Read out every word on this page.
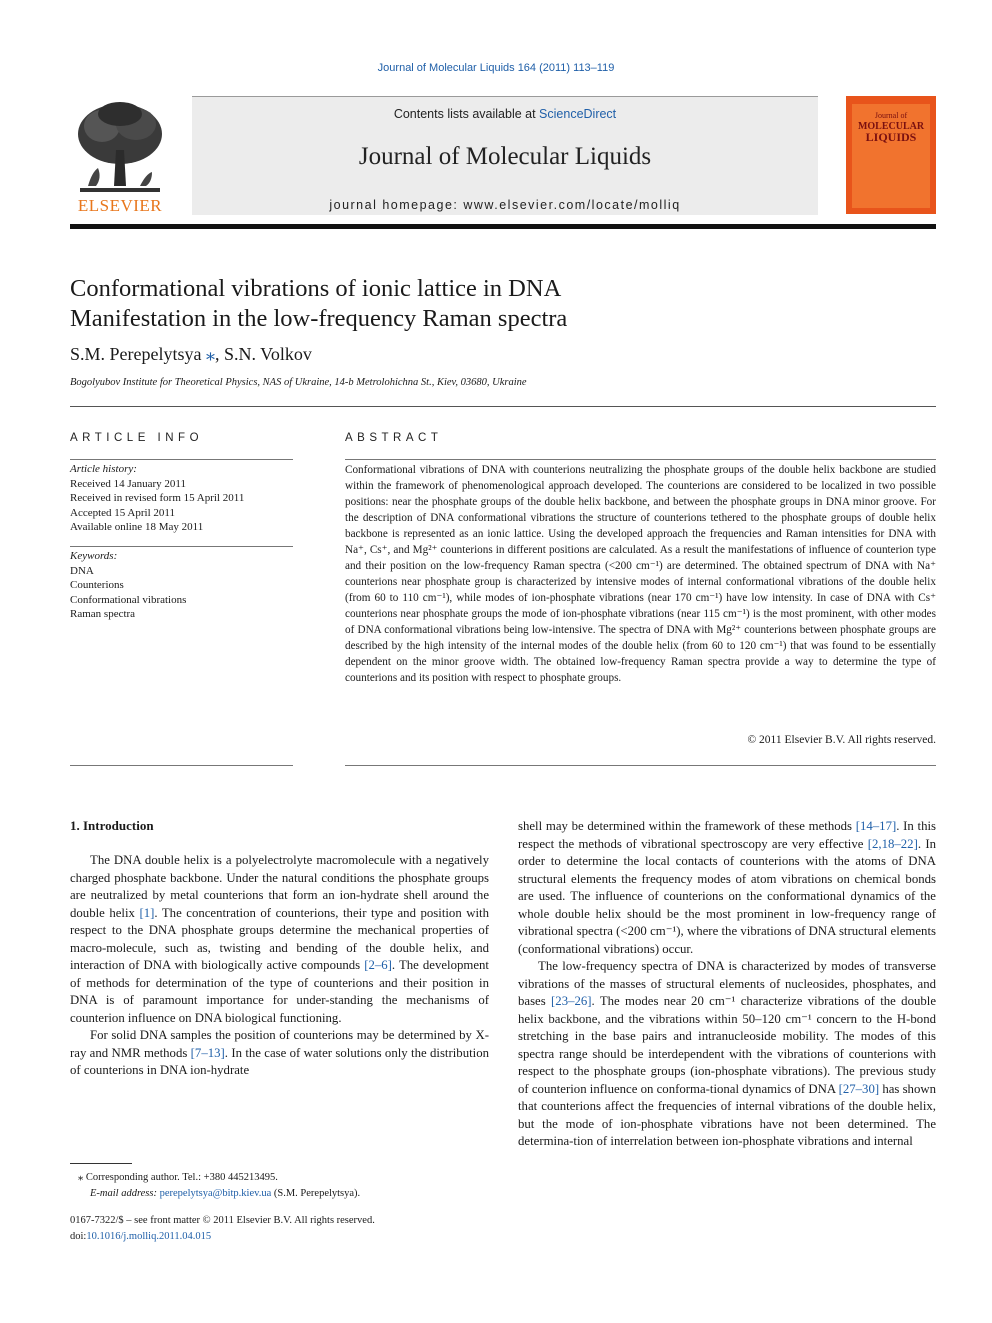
Journal of Molecular Liquids 164 (2011) 113–119
ELSEVIER
Contents lists available at ScienceDirect
Journal of Molecular Liquids
journal homepage: www.elsevier.com/locate/molliq
Journal of
MOLECULAR
LIQUIDS
Conformational vibrations of ionic lattice in DNA
Manifestation in the low-frequency Raman spectra
S.M. Perepelytsya ⁎, S.N. Volkov
Bogolyubov Institute for Theoretical Physics, NAS of Ukraine, 14-b Metrolohichna St., Kiev, 03680, Ukraine
ARTICLE INFO	ABSTRACT
Article history:
Received 14 January 2011
Received in revised form 15 April 2011
Accepted 15 April 2011
Available online 18 May 2011
Keywords:
DNA
Counterions
Conformational vibrations
Raman spectra
Conformational vibrations of DNA with counterions neutralizing the phosphate groups of the double helix backbone are studied within the framework of phenomenological approach developed. The counterions are considered to be localized in two possible positions: near the phosphate groups of the double helix backbone, and between the phosphate groups in DNA minor groove. For the description of DNA conformational vibrations the structure of counterions tethered to the phosphate groups of double helix backbone is represented as an ionic lattice. Using the developed approach the frequencies and Raman intensities for DNA with Na⁺, Cs⁺, and Mg²⁺ counterions in different positions are calculated. As a result the manifestations of influence of counterion type and their position on the low-frequency Raman spectra (<200 cm⁻¹) are determined. The obtained spectrum of DNA with Na⁺ counterions near phosphate group is characterized by intensive modes of internal conformational vibrations of the double helix (from 60 to 110 cm⁻¹), while modes of ion-phosphate vibrations (near 170 cm⁻¹) have low intensity. In case of DNA with Cs⁺ counterions near phosphate groups the mode of ion-phosphate vibrations (near 115 cm⁻¹) is the most prominent, with other modes of DNA conformational vibrations being low-intensive. The spectra of DNA with Mg²⁺ counterions between phosphate groups are described by the high intensity of the internal modes of the double helix (from 60 to 120 cm⁻¹) that was found to be essentially dependent on the minor groove width. The obtained low-frequency Raman spectra provide a way to determine the type of counterions and its position with respect to phosphate groups.
© 2011 Elsevier B.V. All rights reserved.
1. Introduction

The DNA double helix is a polyelectrolyte macromolecule with a negatively charged phosphate backbone. Under the natural conditions the phosphate groups are neutralized by metal counterions that form an ion-hydrate shell around the double helix [1]. The concentration of counterions, their type and position with respect to the DNA phosphate groups determine the mechanical properties of macro-molecule, such as, twisting and bending of the double helix, and interaction of DNA with biologically active compounds [2–6]. The development of methods for determination of the type of counterions and their position in DNA is of paramount importance for under-standing the mechanisms of counterion influence on DNA biological functioning.

For solid DNA samples the position of counterions may be determined by X-ray and NMR methods [7–13]. In the case of water solutions only the distribution of counterions in DNA ion-hydrate

shell may be determined within the framework of these methods [14–17]. In this respect the methods of vibrational spectroscopy are very effective [2,18–22]. In order to determine the local contacts of counterions with the atoms of DNA structural elements the frequency modes of atom vibrations on chemical bonds are used. The influence of counterions on the conformational dynamics of the whole double helix should be the most prominent in low-frequency range of vibrational spectra (<200 cm⁻¹), where the vibrations of DNA structural elements (conformational vibrations) occur.

The low-frequency spectra of DNA is characterized by modes of transverse vibrations of the masses of structural elements of nucleosides, phosphates, and bases [23–26]. The modes near 20 cm⁻¹ characterize vibrations of the double helix backbone, and the vibrations within 50–120 cm⁻¹ concern to the H-bond stretching in the base pairs and intranucleoside mobility. The modes of this spectra range should be interdependent with the vibrations of counterions with respect to the phosphate groups (ion-phosphate vibrations). The previous study of counterion influence on conforma-tional dynamics of DNA [27–30] has shown that counterions affect the frequencies of internal vibrations of the double helix, but the mode of ion-phosphate vibrations have not been determined. The determina-tion of interrelation between ion-phosphate vibrations and internal

⁎ Corresponding author. Tel.: +380 445213495.
E-mail address: perepelytsya@bitp.kiev.ua (S.M. Perepelytsya).
0167-7322/$ – see front matter © 2011 Elsevier B.V. All rights reserved.
doi:10.1016/j.molliq.2011.04.015
